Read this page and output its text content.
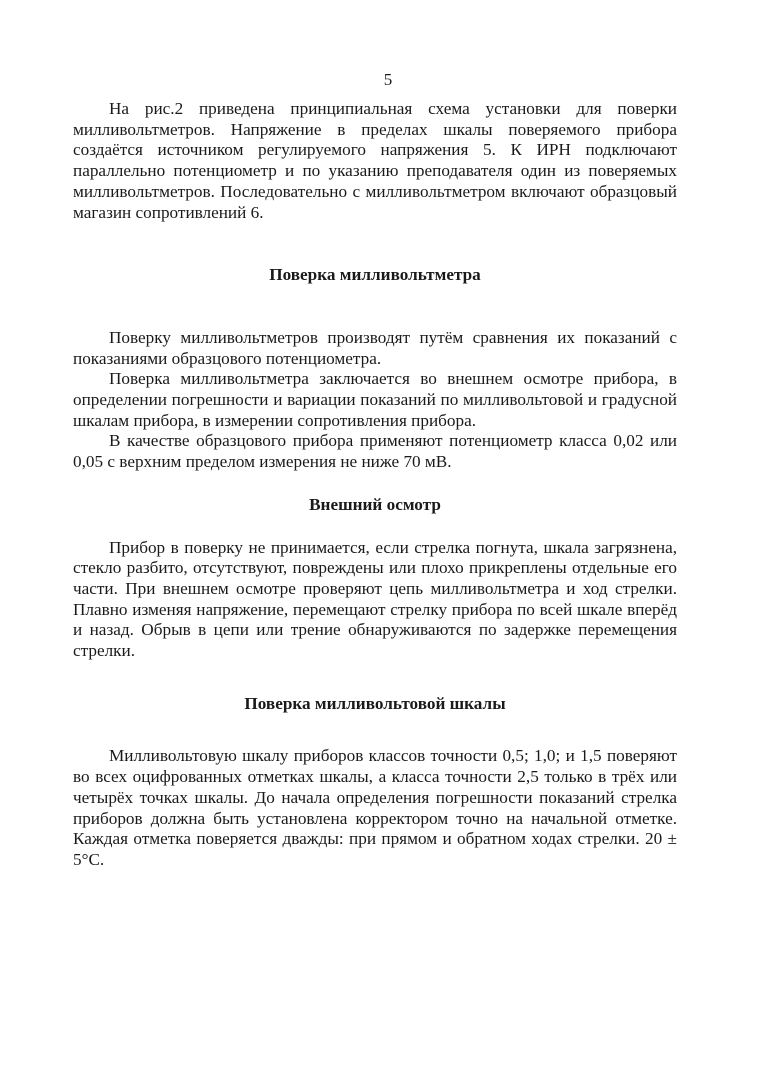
5

На рис.2 приведена принципиальная схема установки для поверки милливольтметров. Напряжение в пределах шкалы поверяемого прибора создаётся источником регулируемого напряжения 5. К ИРН подключают параллельно потенциометр и по указанию преподавателя один из поверяемых милливольтметров. Последовательно с милливольтметром включают образцовый магазин сопротивлений 6.

Поверка милливольтметра

Поверку милливольтметров производят путём сравнения их показаний с показаниями образцового потенциометра.

Поверка милливольтметра заключается во внешнем осмотре прибора, в определении погрешности и вариации показаний по милливольтовой и градусной шкалам прибора, в измерении сопротивления прибора.

В качестве образцового прибора применяют потенциометр класса 0,02 или 0,05 с верхним пределом измерения не ниже 70 мВ.

Внешний осмотр

Прибор в поверку не принимается, если стрелка погнута, шкала загрязнена, стекло разбито, отсутствуют, повреждены или плохо прикреплены отдельные его части. При внешнем осмотре проверяют цепь милливольтметра и ход стрелки. Плавно изменяя напряжение, перемещают стрелку прибора по всей шкале вперёд и назад. Обрыв в цепи или трение обнаруживаются по задержке перемещения стрелки.

Поверка милливольтовой шкалы

Милливольтовую шкалу приборов классов точности 0,5; 1,0; и 1,5 поверяют во всех оцифрованных отметках шкалы, а класса точности 2,5 только в трёх или четырёх точках шкалы. До начала определения погрешности показаний стрелка приборов должна быть установлена корректором точно на начальной отметке. Каждая отметка поверяется дважды: при прямом и обратном ходах стрелки. 20 ± 5°С.
